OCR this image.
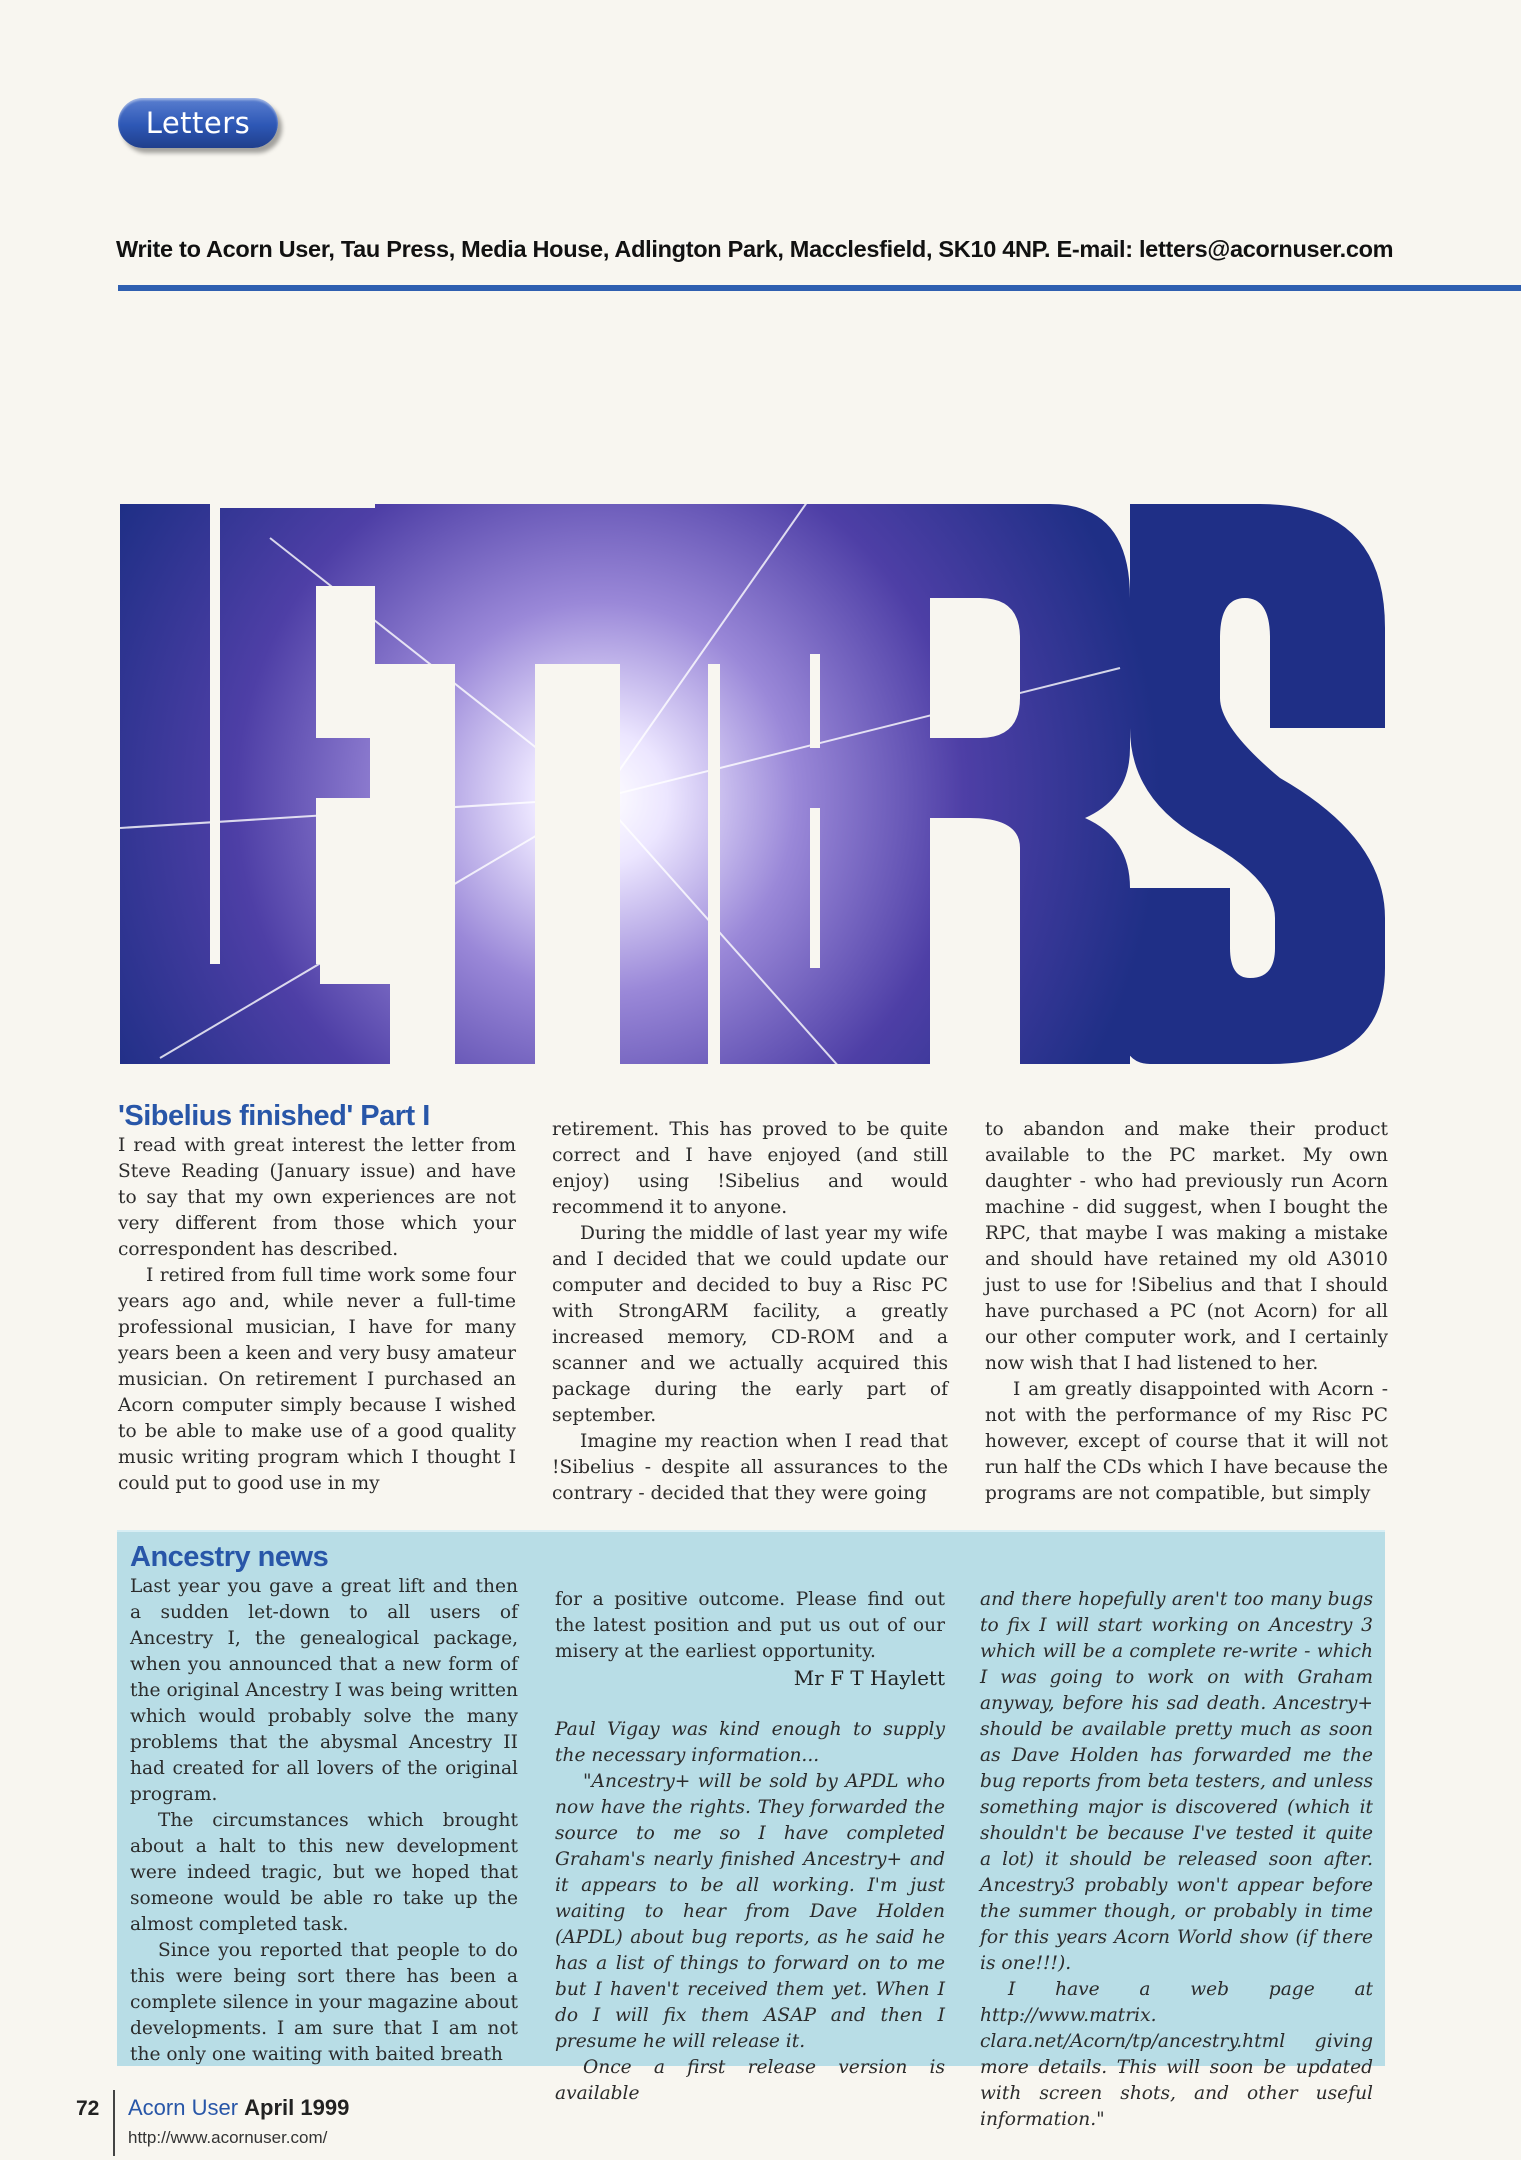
Letters
Write to Acorn User, Tau Press, Media House, Adlington Park, Macclesfield, SK10 4NP. E-mail: letters@acornuser.com
'Sibelius finished' Part I

I read with great interest the letter from Steve Reading (January issue) and have to say that my own experiences are not very different from those which your correspondent has described.

I retired from full time work some four years ago and, while never a full-time professional musician, I have for many years been a keen and very busy amateur musician. On retirement I purchased an Acorn computer simply because I wished to be able to make use of a good quality music writing program which I thought I could put to good use in my

retirement. This has proved to be quite correct and I have enjoyed (and still enjoy) using !Sibelius and would recommend it to anyone.

During the middle of last year my wife and I decided that we could update our computer and decided to buy a Risc PC with StrongARM facility, a greatly increased memory, CD-ROM and a scanner and we actually acquired this package during the early part of september.

Imagine my reaction when I read that !Sibelius - despite all assurances to the contrary - decided that they were going

to abandon and make their product available to the PC market. My own daughter - who had previously run Acorn machine - did suggest, when I bought the RPC, that maybe I was making a mistake and should have retained my old A3010 just to use for !Sibelius and that I should have purchased a PC (not Acorn) for all our other computer work, and I certainly now wish that I had listened to her.

I am greatly disappointed with Acorn - not with the performance of my Risc PC however, except of course that it will not run half the CDs which I have because the programs are not compatible, but simply

Ancestry news

Last year you gave a great lift and then a sudden let-down to all users of Ancestry I, the genealogical package, when you announced that a new form of the original Ancestry I was being written which would probably solve the many problems that the abysmal Ancestry II had created for all lovers of the original program.

The circumstances which brought about a halt to this new development were indeed tragic, but we hoped that someone would be able ro take up the almost completed task.

Since you reported that people to do this were being sort there has been a complete silence in your magazine about developments. I am sure that I am not the only one waiting with baited breath

for a positive outcome. Please find out the latest position and put us out of our misery at the earliest opportunity.

Mr F T Haylett

Paul Vigay was kind enough to supply the necessary information...

"Ancestry+ will be sold by APDL who now have the rights. They forwarded the source to me so I have completed Graham's nearly finished Ancestry+ and it appears to be all working. I'm just waiting to hear from Dave Holden (APDL) about bug reports, as he said he has a list of things to forward on to me but I haven't received them yet. When I do I will fix them ASAP and then I presume he will release it.

Once a first release version is available

and there hopefully aren't too many bugs to fix I will start working on Ancestry 3 which will be a complete re-write - which I was going to work on with Graham anyway, before his sad death. Ancestry+ should be available pretty much as soon as Dave Holden has forwarded me the bug reports from beta testers, and unless something major is discovered (which it shouldn't be because I've tested it quite a lot) it should be released soon after. Ancestry3 probably won't appear before the summer though, or probably in time for this years Acorn World show (if there is one!!!).

I have a web page at http://www.matrix. clara.net/Acorn/tp/ancestry.html giving more details. This will soon be updated with screen shots, and other useful information."

72 Acorn User April 1999
http://www.acornuser.com/
